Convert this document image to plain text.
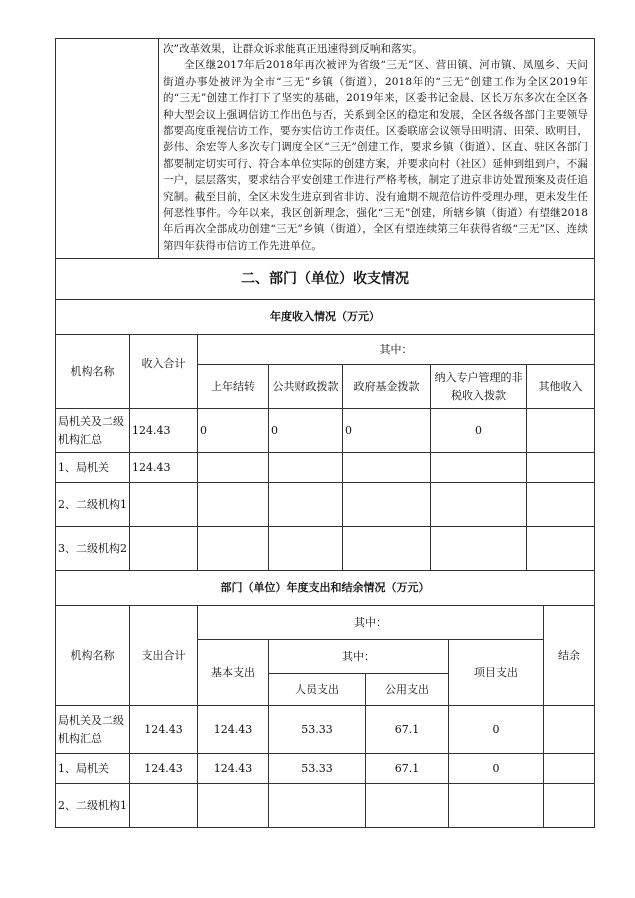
次”改革效果，让群众诉求能真正迅速得到反响和落实。

全区继2017年后2018年再次被评为省级“三无”区、营田镇、河市镇、凤凰乡、天问街道办事处被评为全市“三无”乡镇（街道），2018年的“三无”创建工作为全区2019年的“三无”创建工作打下了坚实的基础，2019年来，区委书记金晨、区长万东多次在全区各种大型会议上强调信访工作出色与否，关系到全区的稳定和发展，全区各级各部门主要领导都要高度重视信访工作，要夯实信访工作责任。区委联席会议领导田明清、田荣、欧明目，彭伟、余宏等人多次专门调度全区“三无”创建工作，要求乡镇（街道）、区直、驻区各部门都要制定切实可行、符合本单位实际的创建方案，并要求向村（社区）延伸到组到户，不漏一户，层层落实，要求结合平安创建工作进行严格考核，制定了进京非访处置预案及责任追究制。截至目前，全区未发生进京到省非访、没有逾期不规范信访件受理办理，更未发生任何恶性事件。今年以来，我区创新理念，强化“三无”创建，所辖乡镇（街道）有望继2018年后再次全部成功创建“三无”乡镇（街道），全区有望连续第三年获得省级“三无”区、连续第四年获得市信访工作先进单位。

二、部门（单位）收支情况						
年度收入情况（万元）						
机构名称	收入合计	其中：				
		上年结转	公共财政拨款	政府基金拨款	纳入专户管理的非税收入拨款	其他收入
局机关及二级机构汇总	124.43	0	0	0	0	
1、局机关	124.43					
2、二级机构1						
3、二级机构2						
部门（单位）年度支出和结余情况（万元）						
机构名称	支出合计	其中：				结余
		基本支出	其中：		项目支出	
			人员支出	公用支出		
局机关及二级机构汇总	124.43	124.43	53.33	67.1	0	
1、局机关	124.43	124.43	53.33	67.1	0	
2、二级机构1						
